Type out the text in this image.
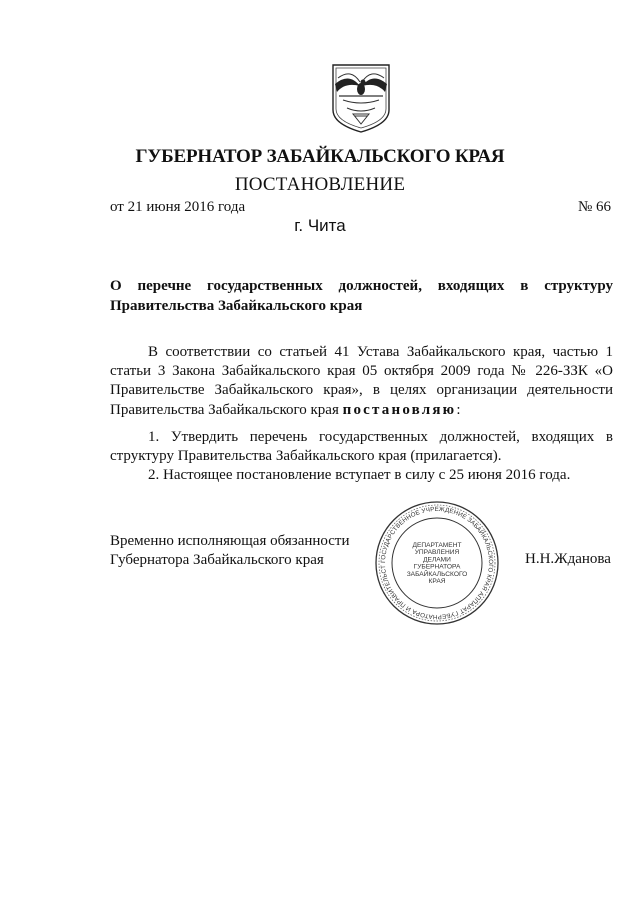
ГУБЕРНАТОР ЗАБАЙКАЛЬСКОГО КРАЯ
ПОСТАНОВЛЕНИЕ
от 21 июня 2016 года	№ 66
г. Чита
О перечне государственных должностей, входящих в структуру Правительства Забайкальского края
В соответствии со статьей 41 Устава Забайкальского края, частью 1 статьи 3 Закона Забайкальского края 05 октября 2009 года № 226-ЗЗК «О Правительстве Забайкальского края», в целях организации деятельности Правительства Забайкальского края постановляю:

1. Утвердить перечень государственных должностей, входящих в структуру Правительства Забайкальского края (прилагается).

2. Настоящее постановление вступает в силу с 25 июня 2016 года.

Временно исполняющая обязанности
Губернатора Забайкальского края	Н.Н.Жданова
ГОСУДАРСТВЕННОЕ УЧРЕЖДЕНИЕ ЗАБАЙКАЛЬСКОГО КРАЯ АППАРАТ ГУБЕРНАТОРА И ПРАВИТЕЛЬСТ
ДЕПАРТАМЕНТ
УПРАВЛЕНИЯ
ДЕЛАМИ
ГУБЕРНАТОРА
ЗАБАЙКАЛЬСКОГО
КРАЯ
